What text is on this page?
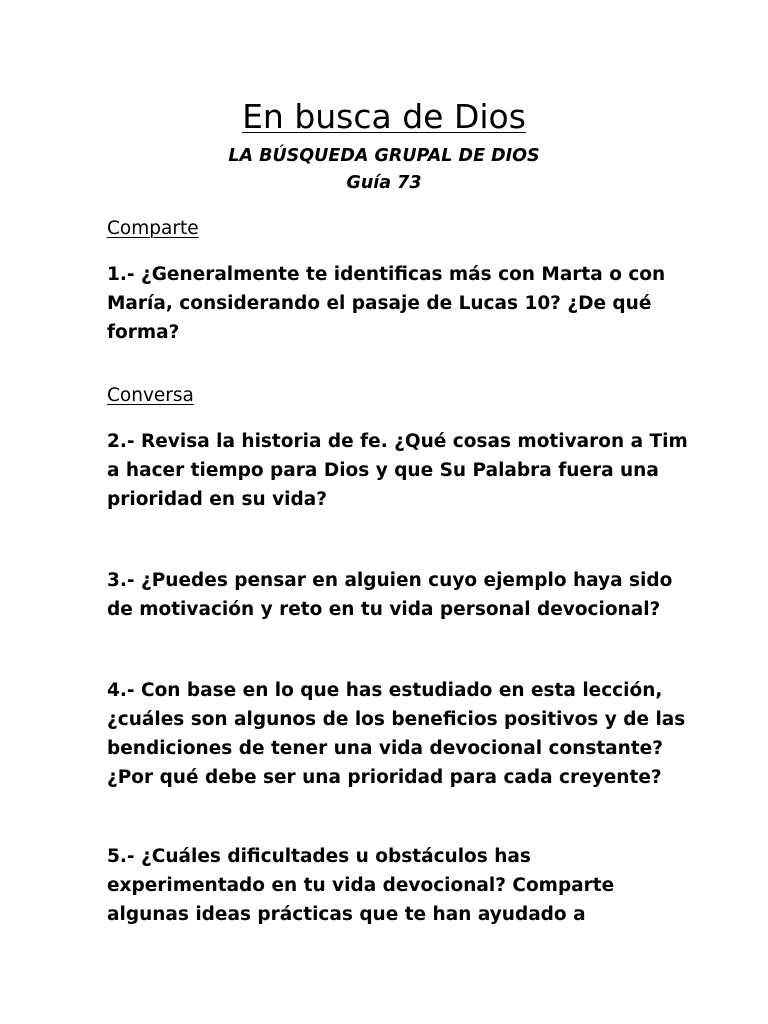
En busca de Dios
LA BÚSQUEDA GRUPAL DE DIOS
Guía 73
Comparte
1.- ¿Generalmente te identificas más con Marta o con
María, considerando el pasaje de Lucas 10? ¿De qué
forma?
Conversa
2.- Revisa la historia de fe. ¿Qué cosas motivaron a Tim
a hacer tiempo para Dios y que Su Palabra fuera una
prioridad en su vida?
3.- ¿Puedes pensar en alguien cuyo ejemplo haya sido
de motivación y reto en tu vida personal devocional?
4.- Con base en lo que has estudiado en esta lección,
¿cuáles son algunos de los beneficios positivos y de las
bendiciones de tener una vida devocional constante?
¿Por qué debe ser una prioridad para cada creyente?
5.- ¿Cuáles dificultades u obstáculos has
experimentado en tu vida devocional? Comparte
algunas ideas prácticas que te han ayudado a
